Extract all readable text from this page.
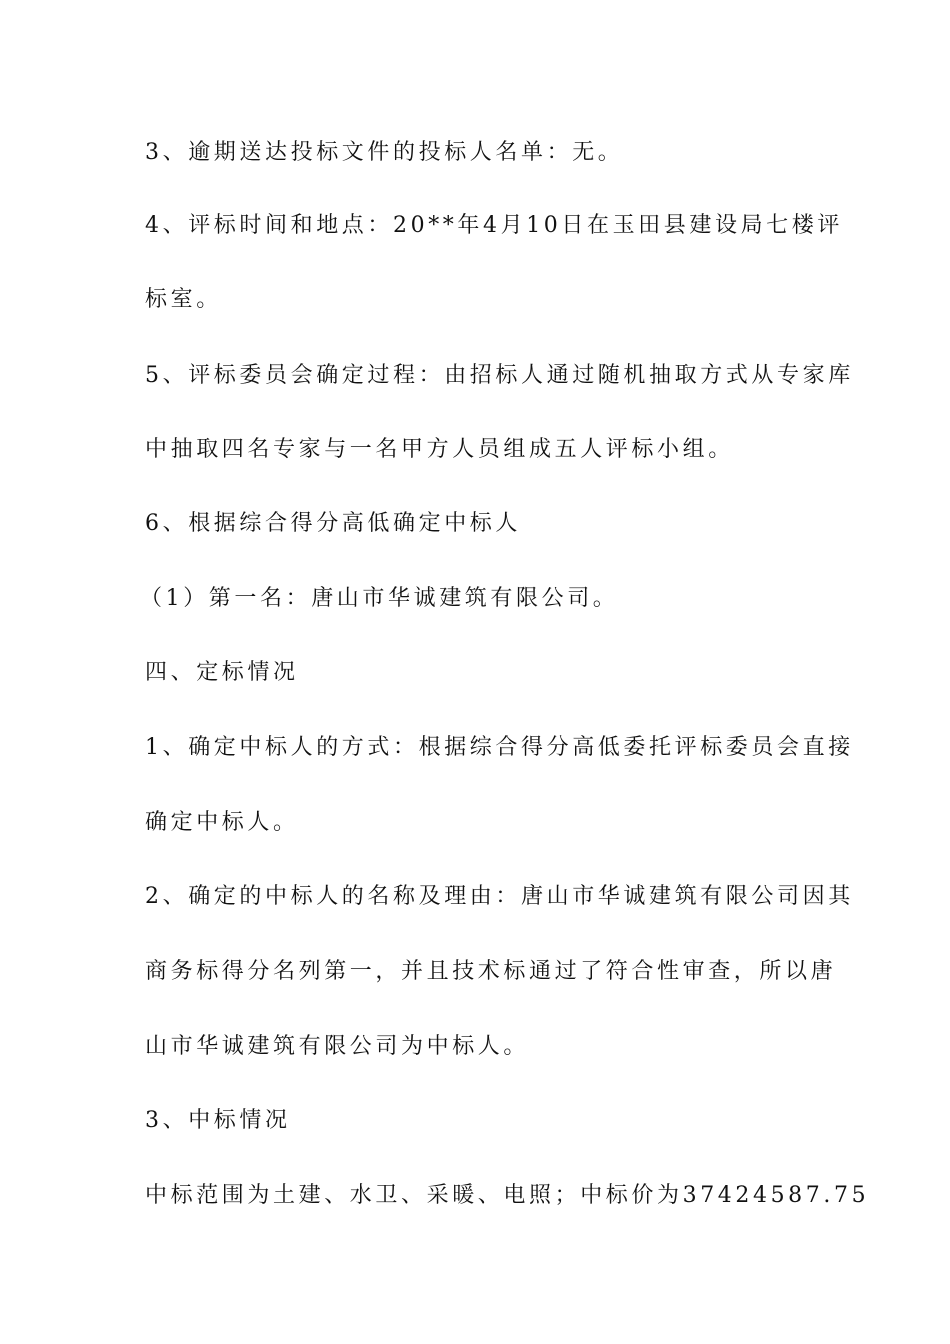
3、逾期送达投标文件的投标人名单：无。

4、评标时间和地点：20**年4月10日在玉田县建设局七楼评

标室。

5、评标委员会确定过程：由招标人通过随机抽取方式从专家库

中抽取四名专家与一名甲方人员组成五人评标小组。

6、根据综合得分高低确定中标人

（1）第一名：唐山市华诚建筑有限公司。

四、定标情况

1、确定中标人的方式：根据综合得分高低委托评标委员会直接

确定中标人。

2、确定的中标人的名称及理由：唐山市华诚建筑有限公司因其

商务标得分名列第一，并且技术标通过了符合性审查，所以唐

山市华诚建筑有限公司为中标人。

3、中标情况

中标范围为土建、水卫、采暖、电照；中标价为37424587.75
